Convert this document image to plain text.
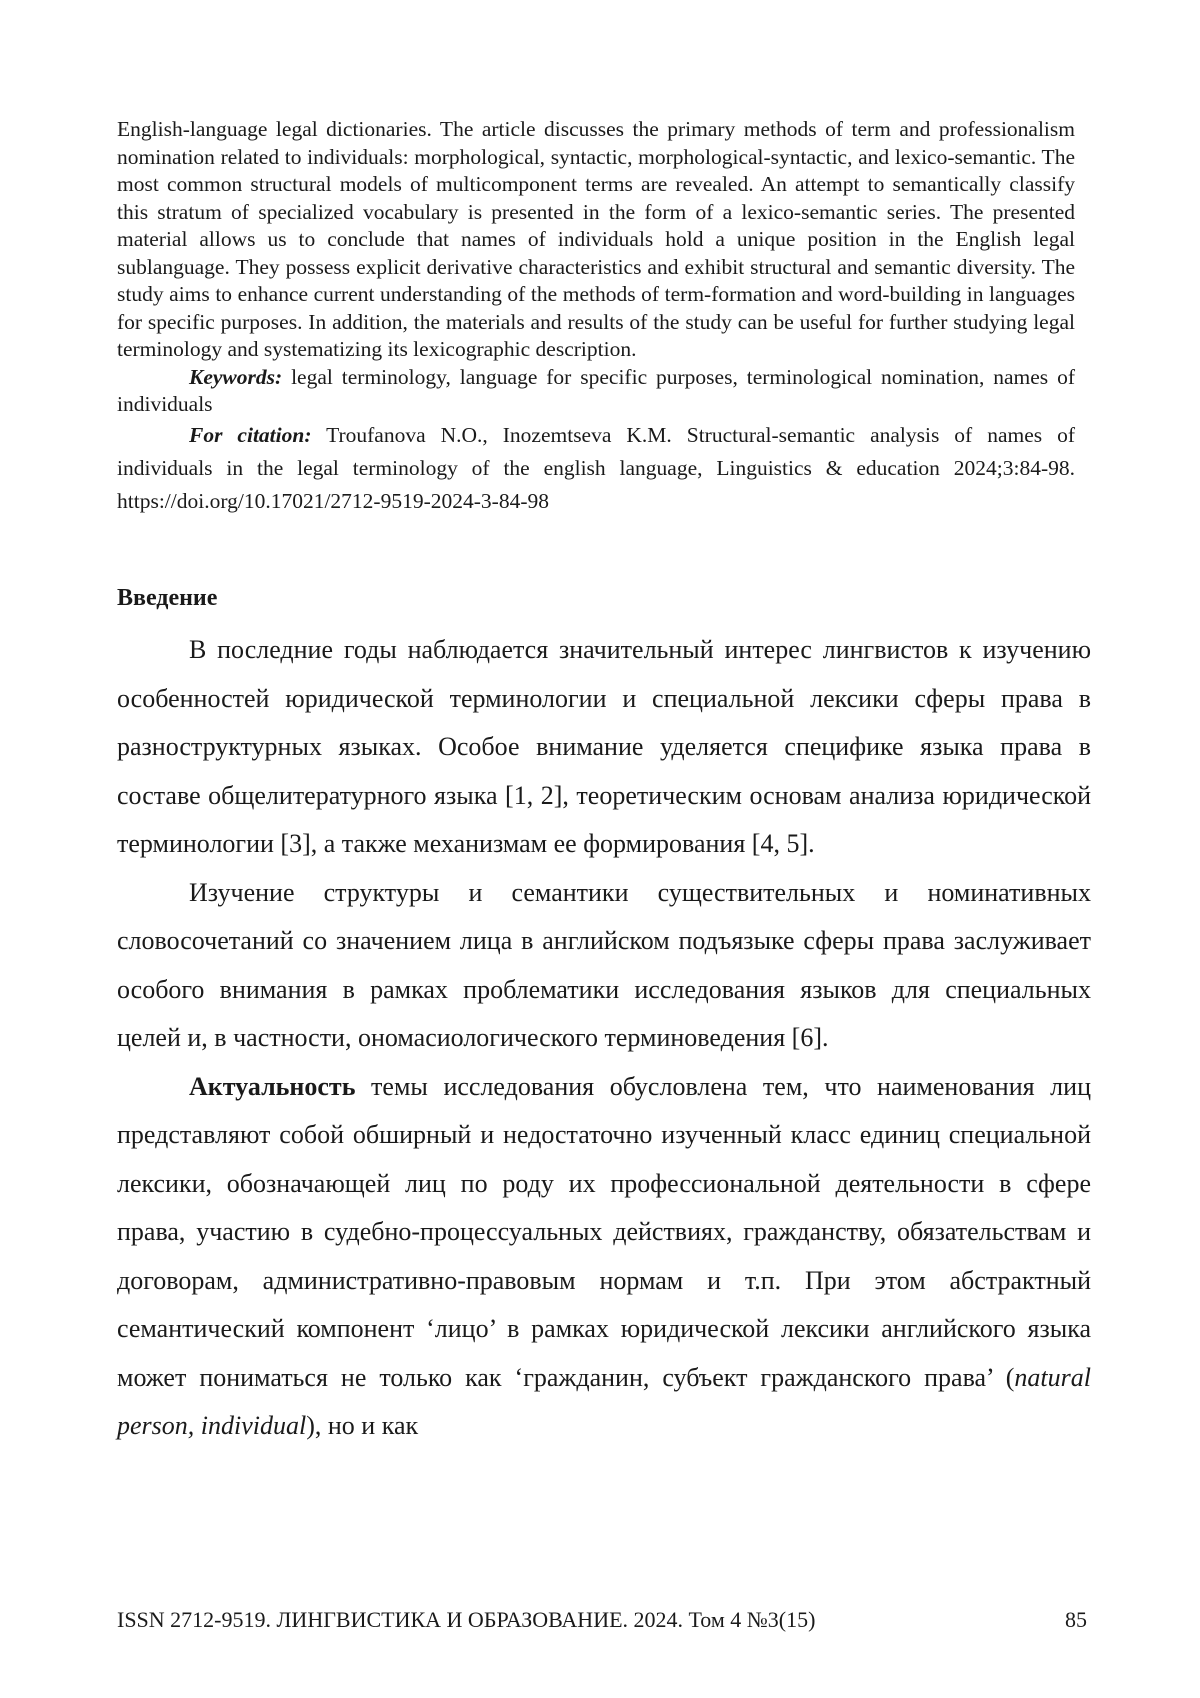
English-language legal dictionaries. The article discusses the primary methods of term and professionalism nomination related to individuals: morphological, syntactic, morphological-syntactic, and lexico-semantic. The most common structural models of multicomponent terms are revealed. An attempt to semantically classify this stratum of specialized vocabulary is presented in the form of a lexico-semantic series. The presented material allows us to conclude that names of individuals hold a unique position in the English legal sublanguage. They possess explicit derivative characteristics and exhibit structural and semantic diversity. The study aims to enhance current understanding of the methods of term-formation and word-building in languages for specific purposes. In addition, the materials and results of the study can be useful for further studying legal terminology and systematizing its lexicographic description.

Keywords: legal terminology, language for specific purposes, terminological nomination, names of individuals

For citation: Troufanova N.O., Inozemtseva K.M. Structural-semantic analysis of names of individuals in the legal terminology of the english language, Linguistics & education 2024;3:84-98. https://doi.org/10.17021/2712-9519-2024-3-84-98

Введение

В последние годы наблюдается значительный интерес лингвистов к изучению особенностей юридической терминологии и специальной лексики сферы права в разноструктурных языках. Особое внимание уделяется специфике языка права в составе общелитературного языка [1, 2], теоретическим основам анализа юридической терминологии [3], а также механизмам ее формирования [4, 5].

Изучение структуры и семантики существительных и номинативных словосочетаний со значением лица в английском подъязыке сферы права заслуживает особого внимания в рамках проблематики исследования языков для специальных целей и, в частности, ономасиологического терминоведения [6].

Актуальность темы исследования обусловлена тем, что наименования лиц представляют собой обширный и недостаточно изученный класс единиц специальной лексики, обозначающей лиц по роду их профессиональной деятельности в сфере права, участию в судебно-процессуальных действиях, гражданству, обязательствам и договорам, административно-правовым нормам и т.п. При этом абстрактный семантический компонент ‘лицо’ в рамках юридической лексики английского языка может пониматься не только как ‘гражданин, субъект гражданского права’ (natural person, individual), но и как

ISSN 2712-9519. ЛИНГВИСТИКА И ОБРАЗОВАНИЕ. 2024. Том 4 №3(15)	85
